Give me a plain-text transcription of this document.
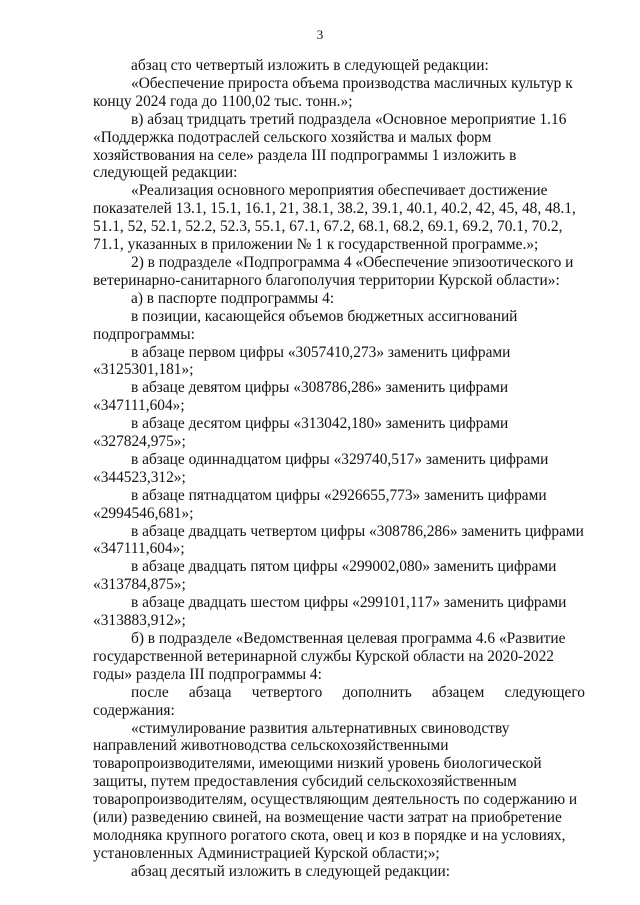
3

абзац сто четвертый изложить в следующей редакции:

«Обеспечение прироста объема производства масличных культур к
концу 2024 года до 1100,02 тыс. тонн.»;

в) абзац тридцать третий подраздела «Основное мероприятие 1.16
«Поддержка подотраслей сельского хозяйства и малых форм
хозяйствования на селе» раздела III подпрограммы 1 изложить в
следующей редакции:

«Реализация основного мероприятия обеспечивает достижение
показателей 13.1, 15.1, 16.1, 21, 38.1, 38.2, 39.1, 40.1, 40.2, 42, 45, 48, 48.1,
51.1, 52, 52.1, 52.2, 52.3, 55.1, 67.1, 67.2, 68.1, 68.2, 69.1, 69.2, 70.1, 70.2,
71.1, указанных в приложении № 1 к государственной программе.»;

2) в подразделе «Подпрограмма 4 «Обеспечение эпизоотического и
ветеринарно-санитарного благополучия территории Курской области»:

а) в паспорте подпрограммы 4:

в позиции, касающейся объемов бюджетных ассигнований
подпрограммы:

в абзаце первом цифры «3057410,273» заменить цифрами
«3125301,181»;

в абзаце девятом цифры «308786,286» заменить цифрами
«347111,604»;

в абзаце десятом цифры «313042,180» заменить цифрами
«327824,975»;

в абзаце одиннадцатом цифры «329740,517» заменить цифрами
«344523,312»;

в абзаце пятнадцатом цифры «2926655,773» заменить цифрами
«2994546,681»;

в абзаце двадцать четвертом цифры «308786,286» заменить цифрами
«347111,604»;

в абзаце двадцать пятом цифры «299002,080» заменить цифрами
«313784,875»;

в абзаце двадцать шестом цифры «299101,117» заменить цифрами
«313883,912»;

б) в подразделе «Ведомственная целевая программа 4.6 «Развитие
государственной ветеринарной службы Курской области на 2020-2022
годы» раздела III подпрограммы 4:

после абзаца четвертого дополнить абзацем следующего содержания:

«стимулирование развития альтернативных свиноводству
направлений животноводства сельскохозяйственными
товаропроизводителями, имеющими низкий уровень биологической
защиты, путем предоставления субсидий сельскохозяйственным
товаропроизводителям, осуществляющим деятельность по содержанию и
(или) разведению свиней, на возмещение части затрат на приобретение
молодняка крупного рогатого скота, овец и коз в порядке и на условиях,
установленных Администрацией Курской области;»;

абзац десятый изложить в следующей редакции:
